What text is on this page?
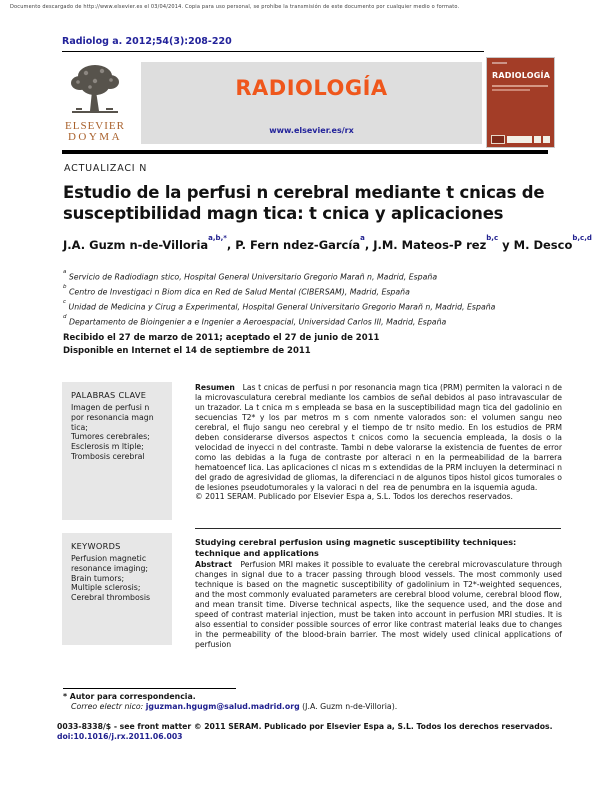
Documento descargado de http://www.elsevier.es el 03/04/2014. Copia para uso personal, se prohíbe la transmisión de este documento por cualquier medio o formato.
Radiolog a. 2012;54(3):208-220
ELSEVIER
DOYMA
RADIOLOGÍA
www.elsevier.es/rx
RADIOLOGÍA
ACTUALIZACI N
Estudio de la perfusi n cerebral mediante t cnicas de
susceptibilidad magn tica: t cnica y aplicaciones
J.A. Guzm n-de-Villoria$^{a,b,*}$, P. Fern ndez-García$^a$, J.M. Mateos-P rez$^{b,c}$ y M. Desco$^{b,c,d}$
$^a$ Servicio de Radiodiagn stico, Hospital General Universitario Gregorio Marañ n, Madrid, España
$^b$ Centro de Investigaci n Biom dica en Red de Salud Mental (CIBERSAM), Madrid, España
$^c$ Unidad de Medicina y Cirug a Experimental, Hospital General Universitario Gregorio Marañ n, Madrid, España
$^d$ Departamento de Bioingenier a e Ingenier a Aeroespacial, Universidad Carlos III, Madrid, España
Recibido el 27 de marzo de 2011; aceptado el 27 de junio de 2011
Disponible en Internet el 14 de septiembre de 2011
PALABRAS CLAVE
Imagen de perfusi n por resonancia magn tica;
Tumores cerebrales;
Esclerosis m ltiple;
Trombosis cerebral
KEYWORDS
Perfusion magnetic resonance imaging;
Brain tumors;
Multiple sclerosis;
Cerebral thrombosis
Resumen   Las t cnicas de perfusi n por resonancia magn tica (PRM) permiten la valoraci n de la microvasculatura cerebral mediante los cambios de señal debidos al paso intravascular de un trazador. La t cnica m s empleada se basa en la susceptibilidad magn tica del gadolinio en secuencias T2* y los par metros m s com nmente valorados son: el volumen sangu neo cerebral, el flujo sangu neo cerebral y el tiempo de tr nsito medio. En los estudios de PRM deben considerarse diversos aspectos t cnicos como la secuencia empleada, la dosis o la velocidad de inyecci n del contraste. Tambi n debe valorarse la existencia de fuentes de error como las debidas a la fuga de contraste por alteraci n en la permeabilidad de la barrera hematoencef lica. Las aplicaciones cl nicas m s extendidas de la PRM incluyen la determinaci n del grado de agresividad de gliomas, la diferenciaci n de algunos tipos histol gicos tumorales o de lesiones pseudotumorales y la valoraci n del  rea de penumbra en la isquemia aguda.
© 2011 SERAM. Publicado por Elsevier Espa a, S.L. Todos los derechos reservados.
Studying cerebral perfusion using magnetic susceptibility techniques: technique and applications
Abstract   Perfusion MRI makes it possible to evaluate the cerebral microvasculature through changes in signal due to a tracer passing through blood vessels. The most commonly used technique is based on the magnetic susceptibility of gadolinium in T2*-weighted sequences, and the most commonly evaluated parameters are cerebral blood volume, cerebral blood flow, and mean transit time. Diverse technical aspects, like the sequence used, and the dose and speed of contrast material injection, must be taken into account in perfusion MRI studies. It is also essential to consider possible sources of error like contrast material leaks due to changes in the permeability of the blood-brain barrier. The most widely used clinical applications of perfusion
* Autor para correspondencia.
Correo electr nico: jguzman.hgugm@salud.madrid.org (J.A. Guzm n-de-Villoria).
0033-8338/$ - see front matter © 2011 SERAM. Publicado por Elsevier Espa a, S.L. Todos los derechos reservados.
doi:10.1016/j.rx.2011.06.003
